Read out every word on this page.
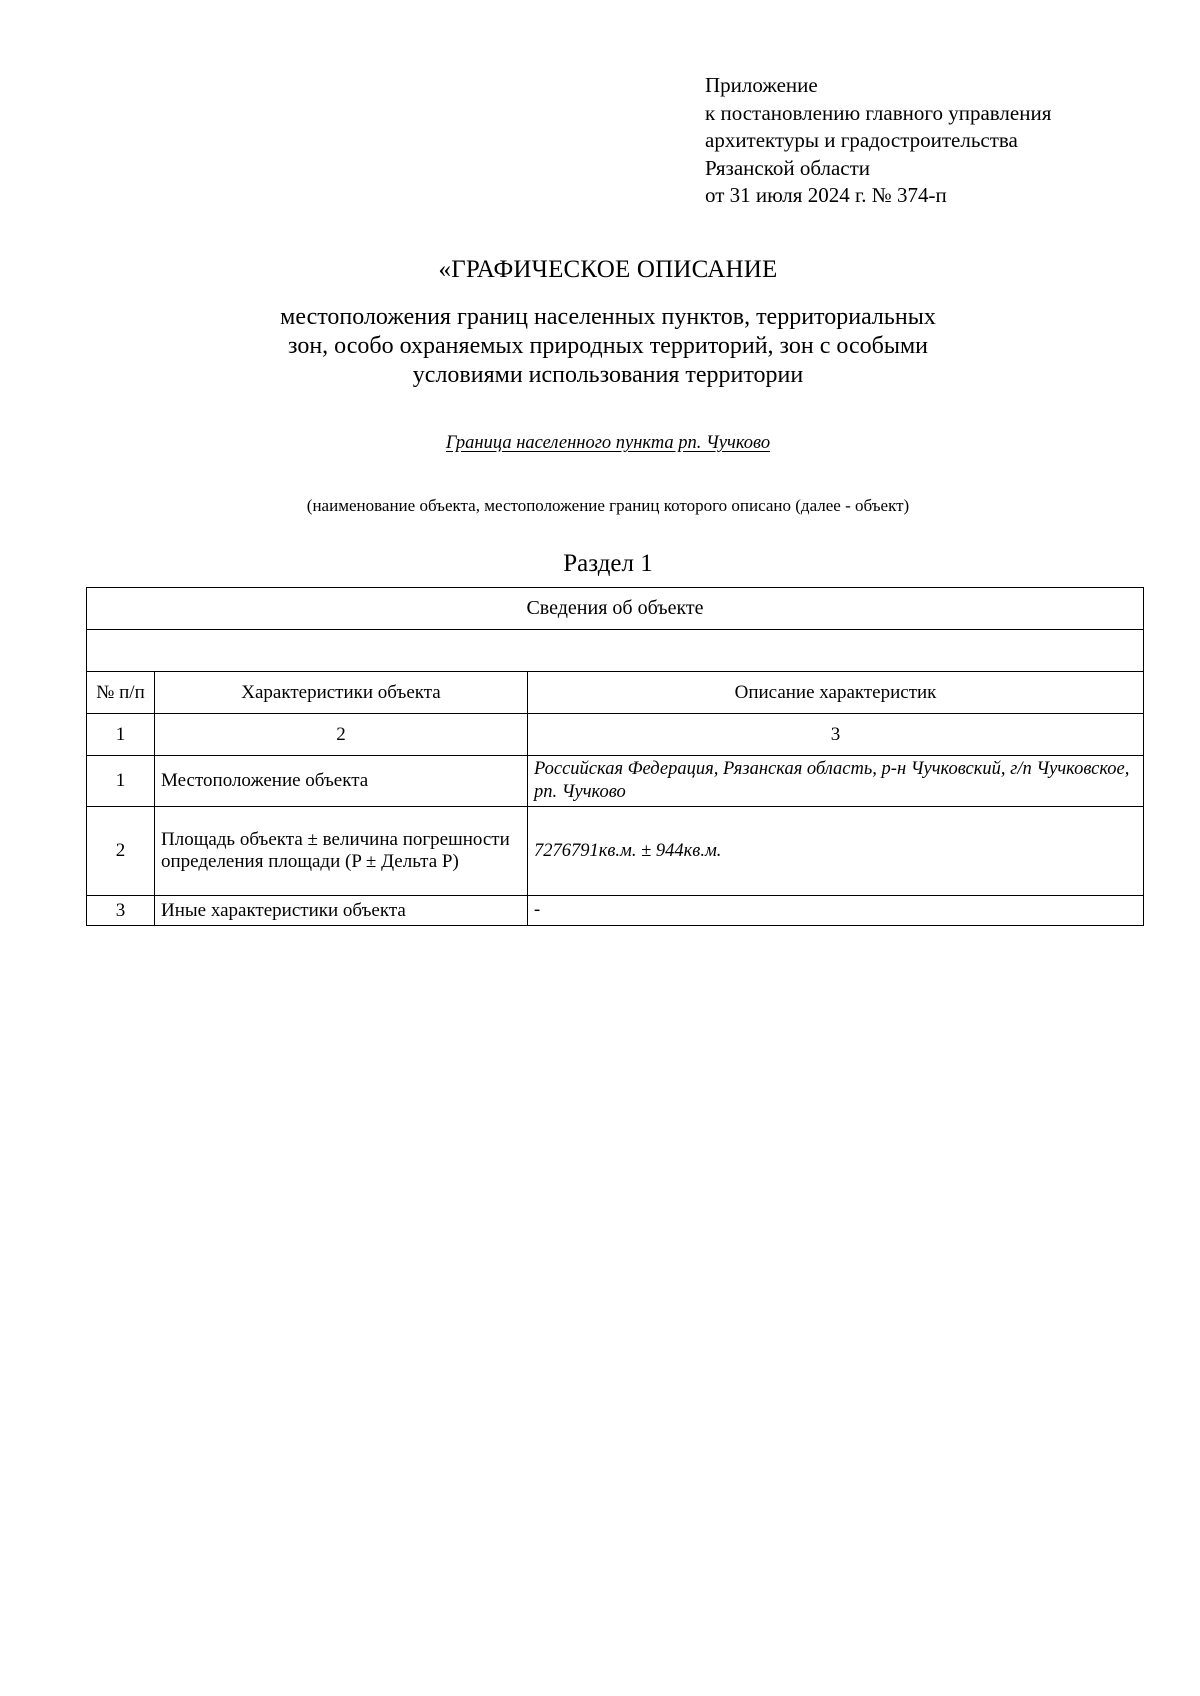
Приложение
к постановлению главного управления
архитектуры и градостроительства
Рязанской области
от 31 июля 2024 г. № 374-п
«ГРАФИЧЕСКОЕ ОПИСАНИЕ
местоположения границ населенных пунктов, территориальных
зон, особо охраняемых природных территорий, зон с особыми
условиями использования территории
Граница населенного пункта рп. Чучково
(наименование объекта, местоположение границ которого описано (далее - объект)
Раздел 1
Сведения об объекте		

№ п/п	Характеристики объекта	Описание характеристик
1	2	3
1	Местоположение объекта	Российская Федерация, Рязанская область, р-н Чучковский, г/п Чучковское, рп. Чучково
2	Площадь объекта ± величина погрешности определения площади (P ± Дельта P)	7276791кв.м. ± 944кв.м.
3	Иные характеристики объекта	-
